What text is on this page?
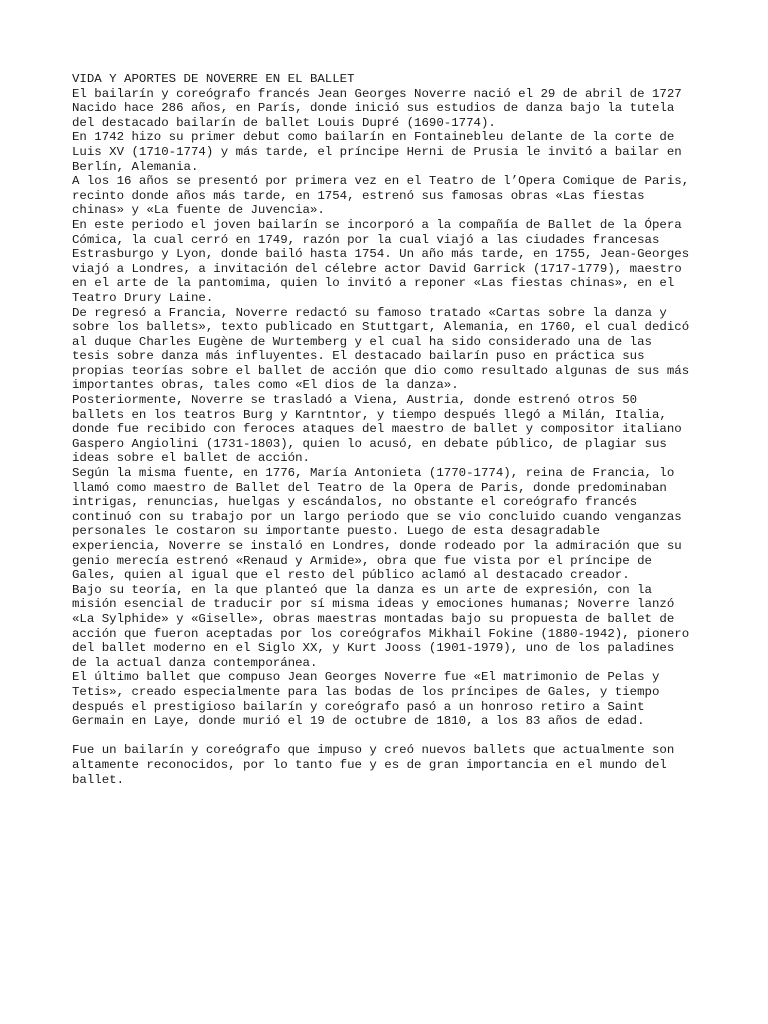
VIDA Y APORTES DE NOVERRE EN EL BALLET
El bailarín y coreógrafo francés Jean Georges Noverre nació el 29 de abril de 1727
Nacido hace 286 años, en París, donde inició sus estudios de danza bajo la tutela
del destacado bailarín de ballet Louis Dupré (1690-1774).
En 1742 hizo su primer debut como bailarín en Fontainebleu delante de la corte de
Luis XV (1710-1774) y más tarde, el príncipe Herni de Prusia le invitó a bailar en
Berlín, Alemania.
A los 16 años se presentó por primera vez en el Teatro de l’Opera Comique de Paris,
recinto donde años más tarde, en 1754, estrenó sus famosas obras «Las fiestas
chinas» y «La fuente de Juvencia».
En este periodo el joven bailarín se incorporó a la compañía de Ballet de la Ópera
Cómica, la cual cerró en 1749, razón por la cual viajó a las ciudades francesas
Estrasburgo y Lyon, donde bailó hasta 1754. Un año más tarde, en 1755, Jean-Georges
viajó a Londres, a invitación del célebre actor David Garrick (1717-1779), maestro
en el arte de la pantomima, quien lo invitó a reponer «Las fiestas chinas», en el
Teatro Drury Laine.
De regresó a Francia, Noverre redactó su famoso tratado «Cartas sobre la danza y
sobre los ballets», texto publicado en Stuttgart, Alemania, en 1760, el cual dedicó
al duque Charles Eugène de Wurtemberg y el cual ha sido considerado una de las
tesis sobre danza más influyentes. El destacado bailarín puso en práctica sus
propias teorías sobre el ballet de acción que dio como resultado algunas de sus más
importantes obras, tales como «El dios de la danza».
Posteriormente, Noverre se trasladó a Viena, Austria, donde estrenó otros 50
ballets en los teatros Burg y Karntntor, y tiempo después llegó a Milán, Italia,
donde fue recibido con feroces ataques del maestro de ballet y compositor italiano
Gaspero Angiolini (1731-1803), quien lo acusó, en debate público, de plagiar sus
ideas sobre el ballet de acción.
Según la misma fuente, en 1776, María Antonieta (1770-1774), reina de Francia, lo
llamó como maestro de Ballet del Teatro de la Opera de Paris, donde predominaban
intrigas, renuncias, huelgas y escándalos, no obstante el coreógrafo francés
continuó con su trabajo por un largo periodo que se vio concluido cuando venganzas
personales le costaron su importante puesto. Luego de esta desagradable
experiencia, Noverre se instaló en Londres, donde rodeado por la admiración que su
genio merecía estrenó «Renaud y Armide», obra que fue vista por el príncipe de
Gales, quien al igual que el resto del público aclamó al destacado creador.
Bajo su teoría, en la que planteó que la danza es un arte de expresión, con la
misión esencial de traducir por sí misma ideas y emociones humanas; Noverre lanzó
«La Sylphide» y «Giselle», obras maestras montadas bajo su propuesta de ballet de
acción que fueron aceptadas por los coreógrafos Mikhail Fokine (1880-1942), pionero
del ballet moderno en el Siglo XX, y Kurt Jooss (1901-1979), uno de los paladines
de la actual danza contemporánea.
El último ballet que compuso Jean Georges Noverre fue «El matrimonio de Pelas y
Tetis», creado especialmente para las bodas de los príncipes de Gales, y tiempo
después el prestigioso bailarín y coreógrafo pasó a un honroso retiro a Saint
Germain en Laye, donde murió el 19 de octubre de 1810, a los 83 años de edad.
Fue un bailarín y coreógrafo que impuso y creó nuevos ballets que actualmente son
altamente reconocidos, por lo tanto fue y es de gran importancia en el mundo del
ballet.
